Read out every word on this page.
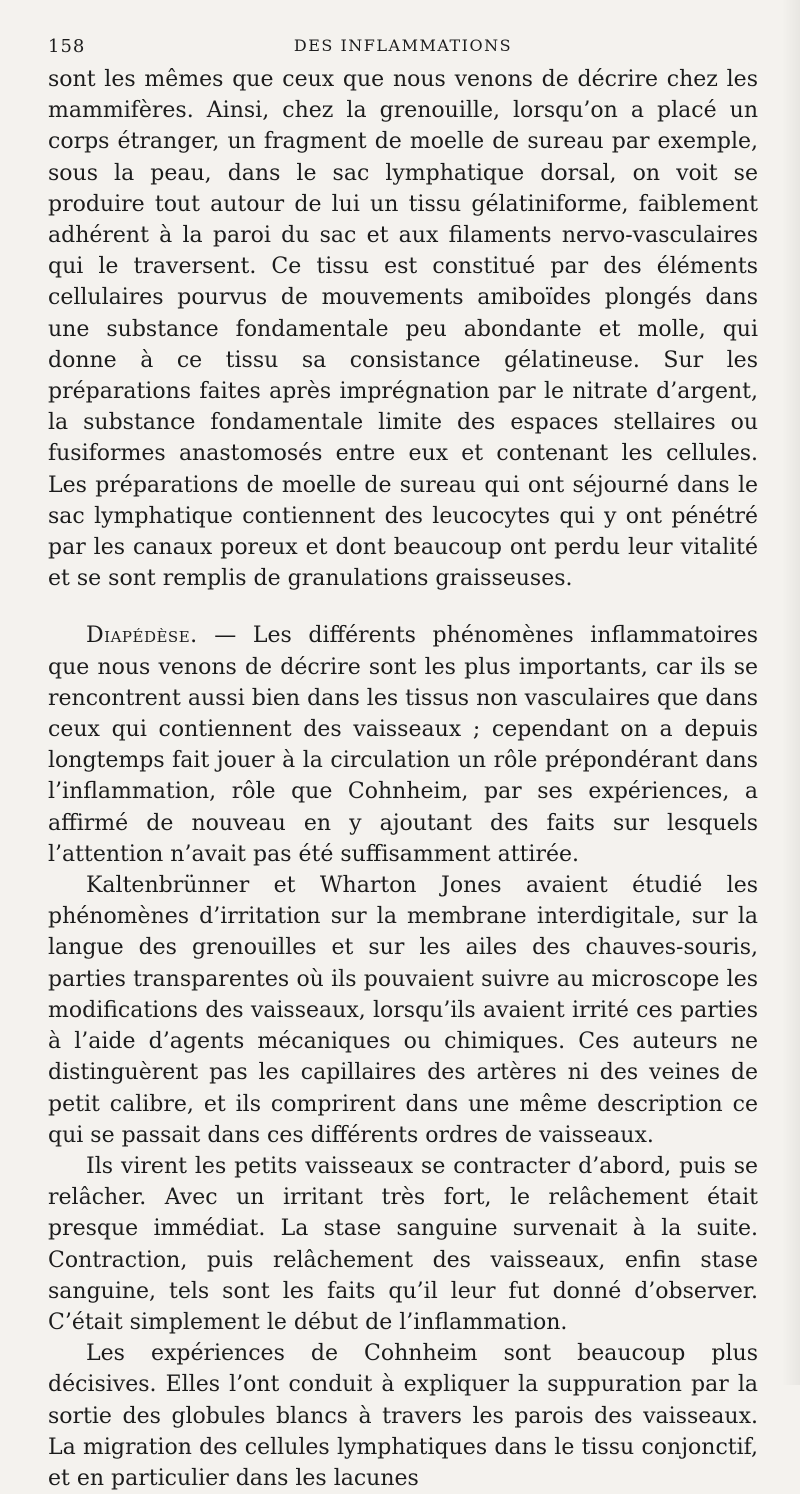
158	DES INFLAMMATIONS

sont les mêmes que ceux que nous venons de décrire chez les mammifères. Ainsi, chez la grenouille, lorsqu’on a placé un corps étranger, un fragment de moelle de sureau par exemple, sous la peau, dans le sac lymphatique dorsal, on voit se produire tout autour de lui un tissu gélatiniforme, faiblement adhérent à la paroi du sac et aux filaments nervo-vasculaires qui le traversent. Ce tissu est constitué par des éléments cellulaires pourvus de mouvements amiboïdes plongés dans une substance fondamentale peu abondante et molle, qui donne à ce tissu sa consistance gélatineuse. Sur les préparations faites après imprégnation par le nitrate d’argent, la substance fondamentale limite des espaces stellaires ou fusiformes anastomosés entre eux et contenant les cellules. Les préparations de moelle de sureau qui ont séjourné dans le sac lymphatique contiennent des leucocytes qui y ont pénétré par les canaux poreux et dont beaucoup ont perdu leur vitalité et se sont remplis de granulations graisseuses.

Diapédèse. — Les différents phénomènes inflammatoires que nous venons de décrire sont les plus importants, car ils se rencontrent aussi bien dans les tissus non vasculaires que dans ceux qui contiennent des vaisseaux ; cependant on a depuis longtemps fait jouer à la circulation un rôle prépondérant dans l’inflammation, rôle que Cohnheim, par ses expériences, a affirmé de nouveau en y ajoutant des faits sur lesquels l’attention n’avait pas été suffisamment attirée.

Kaltenbrünner et Wharton Jones avaient étudié les phénomènes d’irritation sur la membrane interdigitale, sur la langue des grenouilles et sur les ailes des chauves-souris, parties transparentes où ils pouvaient suivre au microscope les modifications des vaisseaux, lorsqu’ils avaient irrité ces parties à l’aide d’agents mécaniques ou chimiques. Ces auteurs ne distinguèrent pas les capillaires des artères ni des veines de petit calibre, et ils comprirent dans une même description ce qui se passait dans ces différents ordres de vaisseaux.

Ils virent les petits vaisseaux se contracter d’abord, puis se relâcher. Avec un irritant très fort, le relâchement était presque immédiat. La stase sanguine survenait à la suite. Contraction, puis relâchement des vaisseaux, enfin stase sanguine, tels sont les faits qu’il leur fut donné d’observer. C’était simplement le début de l’inflammation.

Les expériences de Cohnheim sont beaucoup plus décisives. Elles l’ont conduit à expliquer la suppuration par la sortie des globules blancs à travers les parois des vaisseaux. La migration des cellules lymphatiques dans le tissu conjonctif, et en particulier dans les lacunes
